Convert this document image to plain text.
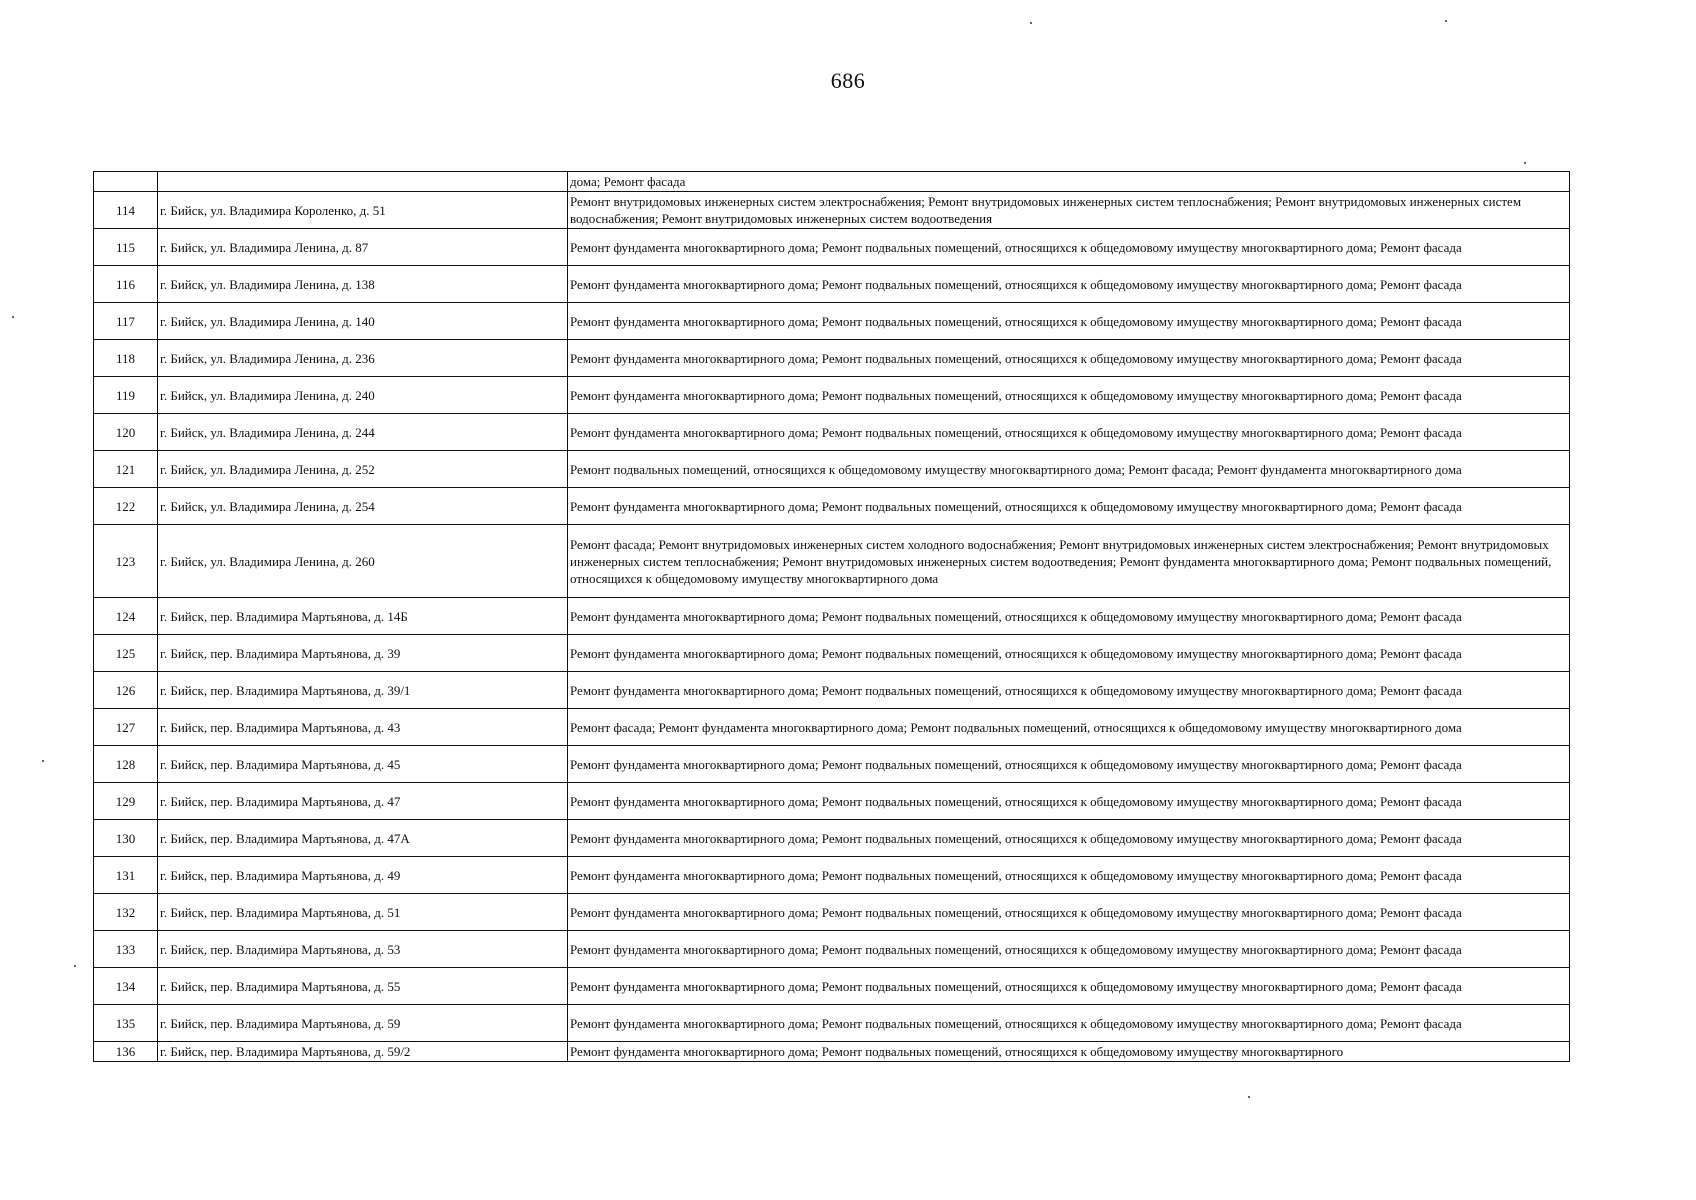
686
		дома; Ремонт фасада
114	г. Бийск, ул. Владимира Короленко, д. 51	Ремонт внутридомовых инженерных систем электроснабжения; Ремонт внутридомовых инженерных систем теплоснабжения; Ремонт внутридомовых инженерных систем водоснабжения; Ремонт внутридомовых инженерных систем водоотведения
115	г. Бийск, ул. Владимира Ленина, д. 87	Ремонт фундамента многоквартирного дома; Ремонт подвальных помещений, относящихся к общедомовому имуществу многоквартирного дома; Ремонт фасада
116	г. Бийск, ул. Владимира Ленина, д. 138	Ремонт фундамента многоквартирного дома; Ремонт подвальных помещений, относящихся к общедомовому имуществу многоквартирного дома; Ремонт фасада
117	г. Бийск, ул. Владимира Ленина, д. 140	Ремонт фундамента многоквартирного дома; Ремонт подвальных помещений, относящихся к общедомовому имуществу многоквартирного дома; Ремонт фасада
118	г. Бийск, ул. Владимира Ленина, д. 236	Ремонт фундамента многоквартирного дома; Ремонт подвальных помещений, относящихся к общедомовому имуществу многоквартирного дома; Ремонт фасада
119	г. Бийск, ул. Владимира Ленина, д. 240	Ремонт фундамента многоквартирного дома; Ремонт подвальных помещений, относящихся к общедомовому имуществу многоквартирного дома; Ремонт фасада
120	г. Бийск, ул. Владимира Ленина, д. 244	Ремонт фундамента многоквартирного дома; Ремонт подвальных помещений, относящихся к общедомовому имуществу многоквартирного дома; Ремонт фасада
121	г. Бийск, ул. Владимира Ленина, д. 252	Ремонт подвальных помещений, относящихся к общедомовому имуществу многоквартирного дома; Ремонт фасада; Ремонт фундамента многоквартирного дома
122	г. Бийск, ул. Владимира Ленина, д. 254	Ремонт фундамента многоквартирного дома; Ремонт подвальных помещений, относящихся к общедомовому имуществу многоквартирного дома; Ремонт фасада
123	г. Бийск, ул. Владимира Ленина, д. 260	Ремонт фасада; Ремонт внутридомовых инженерных систем холодного водоснабжения; Ремонт внутридомовых инженерных систем электроснабжения; Ремонт внутридомовых инженерных систем теплоснабжения; Ремонт внутридомовых инженерных систем водоотведения; Ремонт фундамента многоквартирного дома; Ремонт подвальных помещений, относящихся к общедомовому имуществу многоквартирного дома
124	г. Бийск, пер. Владимира Мартьянова, д. 14Б	Ремонт фундамента многоквартирного дома; Ремонт подвальных помещений, относящихся к общедомовому имуществу многоквартирного дома; Ремонт фасада
125	г. Бийск, пер. Владимира Мартьянова, д. 39	Ремонт фундамента многоквартирного дома; Ремонт подвальных помещений, относящихся к общедомовому имуществу многоквартирного дома; Ремонт фасада
126	г. Бийск, пер. Владимира Мартьянова, д. 39/1	Ремонт фундамента многоквартирного дома; Ремонт подвальных помещений, относящихся к общедомовому имуществу многоквартирного дома; Ремонт фасада
127	г. Бийск, пер. Владимира Мартьянова, д. 43	Ремонт фасада; Ремонт фундамента многоквартирного дома; Ремонт подвальных помещений, относящихся к общедомовому имуществу многоквартирного дома
128	г. Бийск, пер. Владимира Мартьянова, д. 45	Ремонт фундамента многоквартирного дома; Ремонт подвальных помещений, относящихся к общедомовому имуществу многоквартирного дома; Ремонт фасада
129	г. Бийск, пер. Владимира Мартьянова, д. 47	Ремонт фундамента многоквартирного дома; Ремонт подвальных помещений, относящихся к общедомовому имуществу многоквартирного дома; Ремонт фасада
130	г. Бийск, пер. Владимира Мартьянова, д. 47А	Ремонт фундамента многоквартирного дома; Ремонт подвальных помещений, относящихся к общедомовому имуществу многоквартирного дома; Ремонт фасада
131	г. Бийск, пер. Владимира Мартьянова, д. 49	Ремонт фундамента многоквартирного дома; Ремонт подвальных помещений, относящихся к общедомовому имуществу многоквартирного дома; Ремонт фасада
132	г. Бийск, пер. Владимира Мартьянова, д. 51	Ремонт фундамента многоквартирного дома; Ремонт подвальных помещений, относящихся к общедомовому имуществу многоквартирного дома; Ремонт фасада
133	г. Бийск, пер. Владимира Мартьянова, д. 53	Ремонт фундамента многоквартирного дома; Ремонт подвальных помещений, относящихся к общедомовому имуществу многоквартирного дома; Ремонт фасада
134	г. Бийск, пер. Владимира Мартьянова, д. 55	Ремонт фундамента многоквартирного дома; Ремонт подвальных помещений, относящихся к общедомовому имуществу многоквартирного дома; Ремонт фасада
135	г. Бийск, пер. Владимира Мартьянова, д. 59	Ремонт фундамента многоквартирного дома; Ремонт подвальных помещений, относящихся к общедомовому имуществу многоквартирного дома; Ремонт фасада
136	г. Бийск, пер. Владимира Мартьянова, д. 59/2	Ремонт фундамента многоквартирного дома; Ремонт подвальных помещений, относящихся к общедомовому имуществу многоквартирного
